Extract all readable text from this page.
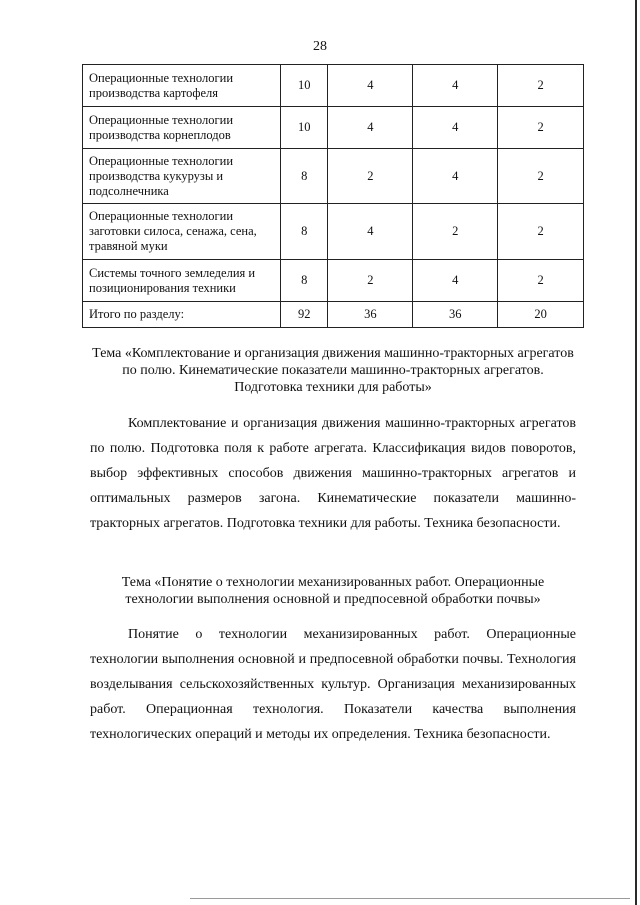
28
Операционные технологии производства картофеля	10	4	4	2
Операционные технологии производства корнеплодов	10	4	4	2
Операционные технологии производства кукурузы и подсолнечника	8	2	4	2
Операционные технологии заготовки силоса, сенажа, сена, травяной муки	8	4	2	2
Системы точного земледелия и позиционирования техники	8	2	4	2
Итого по разделу:	92	36	36	20
Тема «Комплектование и организация движения машинно-тракторных агрегатов по полю. Кинематические показатели машинно-тракторных агрегатов. Подготовка техники для работы»
Комплектование и организация движения машинно-тракторных агрегатов по полю. Подготовка поля к работе агрегата. Классификация видов поворотов, выбор эффективных способов движения машинно-тракторных агрегатов и оптимальных размеров загона. Кинематические показатели машинно-тракторных агрегатов. Подготовка техники для работы. Техника безопасности.
Тема «Понятие о технологии механизированных работ. Операционные технологии выполнения основной и предпосевной обработки почвы»
Понятие о технологии механизированных работ. Операционные технологии выполнения основной и предпосевной обработки почвы. Технология возделывания сельскохозяйственных культур. Организация механизированных работ. Операционная технология. Показатели качества выполнения технологических операций и методы их определения. Техника безопасности.
